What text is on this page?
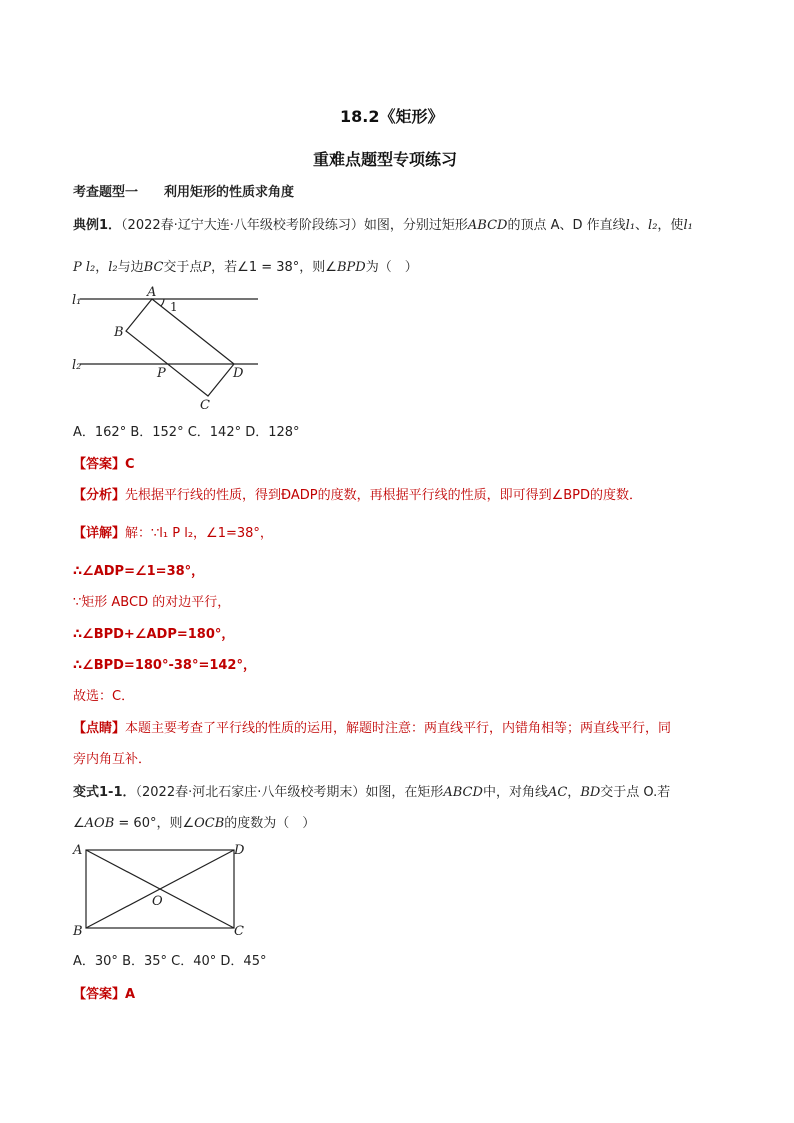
18.2《矩形》
重难点题型专项练习
考查题型一 利用矩形的性质求角度
典例1．（2022春·辽宁大连·八年级校考阶段练习）如图，分别过矩形ABCD的顶点 A、D 作直线l₁、l₂，使l₁
P l₂，l₂与边BC交于点P，若∠1 = 38°，则∠BPD为（　）
l₁
l₂
A
B
C
D
P
1
A．162° B．152° C．142° D．128°
【答案】C
【分析】先根据平行线的性质，得到ÐADP的度数，再根据平行线的性质，即可得到∠BPD的度数．
【详解】解：∵l₁ P l₂，∠1=38°，
∴∠ADP=∠1=38°，
∵矩形 ABCD 的对边平行，
∴∠BPD+∠ADP=180°，
∴∠BPD=180°-38°=142°，
故选：C．
【点睛】本题主要考查了平行线的性质的运用，解题时注意：两直线平行，内错角相等；两直线平行，同
旁内角互补．
变式1-1．（2022春·河北石家庄·八年级校考期末）如图，在矩形ABCD中，对角线AC，BD交于点 O.若
∠AOB = 60°，则∠OCB的度数为（　）
A
B	C
D
O
A．30° B．35° C．40° D．45°
【答案】A
